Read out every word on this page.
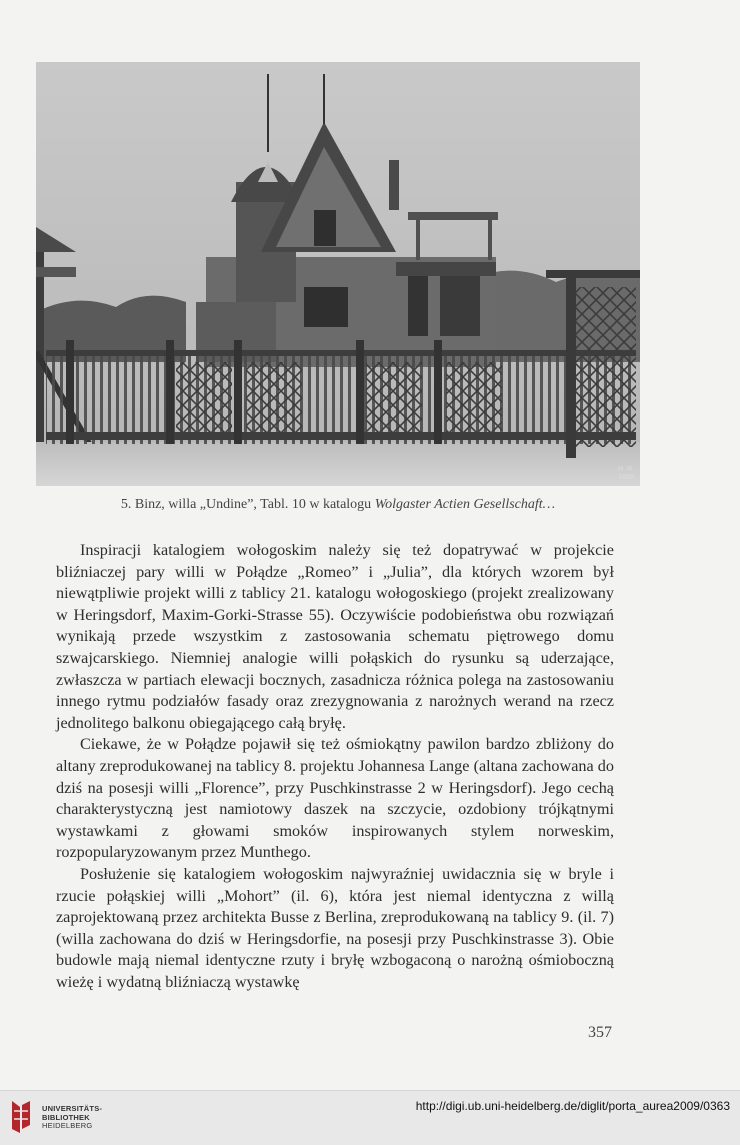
H. R.
1888
5. Binz, willa „Undine”, Tabl. 10 w katalogu Wolgaster Actien Gesellschaft…

Inspiracji katalogiem wołogoskim należy się też dopatrywać w projekcie bliźniaczej pary willi w Połądze „Romeo” i „Julia”, dla których wzorem był niewątpliwie projekt willi z tablicy 21. katalogu wołogoskiego (projekt zrealizowany w Heringsdorf, Maxim-Gorki-Strasse 55). Oczywiście podobieństwa obu rozwiązań wynikają przede wszystkim z zastosowania schematu piętrowego domu szwajcarskiego. Niemniej analogie willi połąskich do rysunku są uderzające, zwłaszcza w partiach elewacji bocznych, zasadnicza różnica polega na zastosowaniu innego rytmu podziałów fasady oraz zrezygnowania z narożnych werand na rzecz jednolitego balkonu obiegającego całą bryłę.

Ciekawe, że w Połądze pojawił się też ośmiokątny pawilon bardzo zbliżony do altany zreprodukowanej na tablicy 8. projektu Johannesa Lange (altana zachowana do dziś na posesji willi „Florence”, przy Puschkinstrasse 2 w Heringsdorf). Jego cechą charakterystyczną jest namiotowy daszek na szczycie, ozdobiony trójkątnymi wystawkami z głowami smoków inspirowanych stylem norweskim, rozpopularyzowanym przez Munthego.

Posłużenie się katalogiem wołogoskim najwyraźniej uwidacznia się w bryle i rzucie połąskiej willi „Mohort” (il. 6), która jest niemal identyczna z willą zaprojektowaną przez architekta Busse z Berlina, zreprodukowaną na tablicy 9. (il. 7) (willa zachowana do dziś w Heringsdorfie, na posesji przy Puschkinstrasse 3). Obie budowle mają niemal identyczne rzuty i bryłę wzbogaconą o narożną ośmioboczną wieżę i wydatną bliźniaczą wystawkę

357
UNIVERSITÄTS-
BIBLIOTHEK
HEIDELBERG
http://digi.ub.uni-heidelberg.de/diglit/porta_aurea2009/0363
